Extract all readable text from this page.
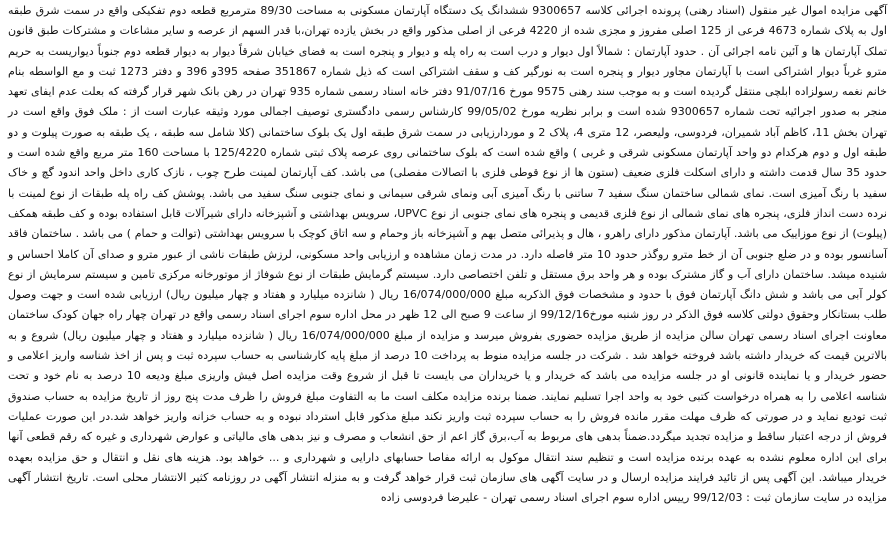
آگهی مزایده اموال غیر منقول (اسناد رهنی) پرونده اجرائی کلاسه 9300657 ششدانگ یک دستگاه آپارتمان مسکونی به مساحت 89/30 مترمربع قطعه دوم تفکیکی واقع در سمت شرق طبقه اول به پلاک شماره 4673 فرعی از 125 اصلی مفروز و مجزی شده از 4220 فرعی از اصلی مذکور واقع در بخش یازده تهران،با قدر السهم از عرصه و سایر مشاعات و مشترکات طبق قانون تملک آپارتمان ها و آئین نامه اجرائی آن . حدود آپارتمان : شمالاً اول دیوار و درب است به راه پله و دیوار و پنجره است به فضای خیابان شرقاً دیوار به دیوار قطعه دوم جنوباً دیواریست به حریم مترو غرباً دیوار اشتراکی است با آپارتمان مجاور دیوار و پنجره است به نورگیر کف و سقف اشتراکی است که ذیل شماره 351867 صفحه 395و 396 و دفتر 1273 ثبت و مع الواسطه بنام خانم نغمه رسولزاده ابلچی منتقل گردیده است و به موجب سند رهنی 9575 مورخ 91/07/16 دفتر خانه اسناد رسمی شماره 935 تهران در رهن بانک شهر قرار گرفته که بعلت عدم ایفای تعهد منجر به صدور اجرائیه تحت شماره 9300657 شده است و برابر نظریه مورخ 99/05/02 کارشناس رسمی دادگستری توصیف اجمالی مورد وثیقه عبارت است از : ملک فوق واقع است در تهران بخش 11، کاظم آباد شمیران، فردوسی، ولیعصر، 12 متری 4، پلاک 2 و موردارزیابی در سمت شرق طبقه اول یک بلوک ساختمانی (کلا شامل سه طبقه ، یک طبقه به صورت پیلوت و دو طبقه اول و دوم هرکدام دو واحد آپارتمان مسکونی شرقی و غربی ) واقع شده است که بلوک ساختمانی روی عرصه پلاک ثبتی شماره 125/4220 با مساحت 160 متر مربع واقع شده است و حدود 35 سال قدمت داشته و دارای اسکلت فلزی ضعیف (ستون ها از نوع قوطی فلزی با اتصالات مفصلی) می باشد. کف آپارتمان لمینت طرح چوب ، نازک کاری داخل واحد اندود گچ و خاک سفید با رنگ آمیزی است. نمای شمالی ساختمان سنگ سفید 7 ساتنی با رنگ آمیزی آبی ونمای شرقی سیمانی و نمای جنوبی سنگ سفید می باشد. پوشش کف راه پله طبقات از نوع لمینت با نرده دست انداز فلزی، پنجره های نمای شمالی از نوع فلزی قدیمی و پنجره های نمای جنوبی از نوع UPVC، سرویس بهداشتی و آشپزخانه دارای شیرآلات قابل استفاده بوده و کف طبقه همکف (پیلوت) از نوع موزاییک می باشد. آپارتمان مذکور دارای راهرو ، هال و پذیرائی متصل بهم و آشپزخانه باز وحمام و سه اتاق کوچک با سرویس بهداشتی (توالت و حمام ) می باشد . ساختمان فاقد آسانسور بوده و در ضلع جنوبی آن از خط مترو روگذر حدود 10 متر فاصله دارد. در مدت زمان مشاهده و ارزیابی واحد مسکونی، لرزش طبقات ناشی از عبور مترو و صدای آن کاملا احساس و شنیده میشد. ساختمان دارای آب و گاز مشترک بوده و هر واحد برق مستقل و تلفن اختصاصی دارد. سیستم گرمایش طبقات از نوع شوفاژ از موتورخانه مرکزی تامین و سیستم سرمایش از نوع کولر آبی می باشد و شش دانگ آپارتمان فوق با حدود و مشخصات فوق الذکربه مبلغ 16/074/000/000 ریال ( شانزده میلیارد و هفتاد و چهار میلیون ریال) ارزیابی شده است و جهت وصول طلب بستانکار وحقوق دولتی کلاسه فوق الذکر در روز شنبه مورخ99/12/16 از ساعت 9 صبح الی 12 ظهر در محل اداره سوم اجرای اسناد رسمی واقع در تهران چهار راه جهان کودک ساختمان معاونت اجرای اسناد رسمی تهران سالن مزایده از طریق مزایده حضوری بفروش میرسد و مزایده از مبلغ 16/074/000/000 ریال ( شانزده میلیارد و هفتاد و چهار میلیون ریال) شروع و به بالاترین قیمت که خریدار داشته باشد فروخته خواهد شد . شرکت در جلسه مزایده منوط به پرداخت 10 درصد از مبلغ پایه کارشناسی به حساب سپرده ثبت و پس از اخذ شناسه واریز اعلامی و حضور خریدار و یا نماینده قانونی او در جلسه مزایده می باشد که خریدار و یا خریداران می بایست تا قبل از شروع وقت مزایده اصل فیش واریزی مبلغ ودیعه 10 درصد به نام خود و تحت شناسه اعلامی را به همراه درخواست کتبی خود به واحد اجرا تسلیم نمایند. ضمنا برنده مزایده مکلف است ما به التفاوت مبلغ فروش را ظرف مدت پنج روز از تاریخ مزایده به حساب صندوق ثبت تودیع نماید و در صورتی که ظرف مهلت مقرر مانده فروش را به حساب سپرده ثبت واریز نکند مبلغ مذکور قابل استرداد نبوده و به حساب خزانه واریز خواهد شد.در این صورت عملیات فروش از درجه اعتبار ساقط و مزایده تجدید میگردد.ضمناً بدهی های مربوط به آب،برق گاز اعم از حق انشعاب و مصرف و نیز بدهی های مالیاتی و عوارض شهرداری و غیره که رقم قطعی آنها برای این اداره معلوم نشده به عهده برنده مزایده است و تنظیم سند انتقال موکول به ارائه مفاصا حسابهای دارایی و شهرداری و ... خواهد بود. هزینه های نقل و انتقال و حق مزایده بعهده خریدار میباشد. این آگهی پس از تائید فرایند مزایده ارسال و در سایت آگهی های سازمان ثبت قرار خواهد گرفت و به منزله انتشار آگهی در روزنامه کثیر الانتشار محلی است. تاریخ انتشار آگهی مزایده در سایت سازمان ثبت : 99/12/03 رییس اداره سوم اجرای اسناد رسمی تهران - علیرضا فردوسی زاده
